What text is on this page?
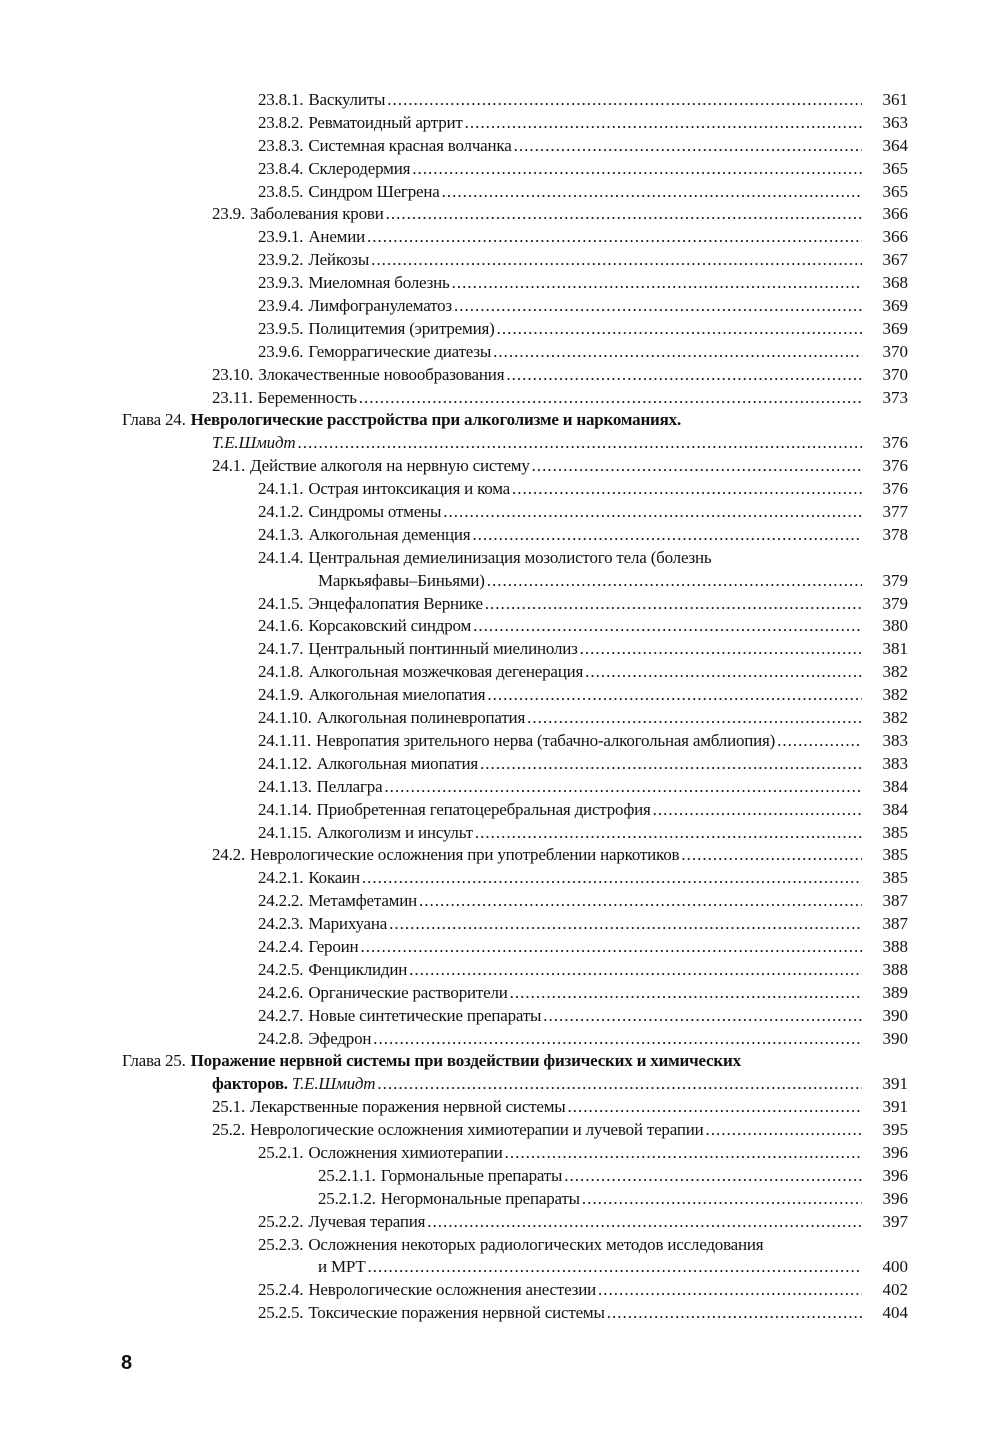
23.8.1. Васкулиты .....	361
23.8.2. Ревматоидный артрит .....	363
23.8.3. Системная красная волчанка .....	364
23.8.4. Склеродермия .....	365
23.8.5. Синдром Шегрена .....	365
23.9. Заболевания крови .....	366
23.9.1. Анемии .....	366
23.9.2. Лейкозы .....	367
23.9.3. Миеломная болезнь .....	368
23.9.4. Лимфогранулематоз .....	369
23.9.5. Полицитемия (эритремия) .....	369
23.9.6. Геморрагические диатезы .....	370
23.10. Злокачественные новообразования .....	370
23.11. Беременность .....	373
Глава 24. Неврологические расстройства при алкоголизме и наркоманиях.
Т.Е.Шмидт .....	376
24.1. Действие алкоголя на нервную систему .....	376
24.1.1. Острая интоксикация и кома .....	376
24.1.2. Синдромы отмены .....	377
24.1.3. Алкогольная деменция .....	378
24.1.4. Центральная демиелинизация мозолистого тела (болезнь
Маркьяфавы–Биньями) .....	379
24.1.5. Энцефалопатия Вернике .....	379
24.1.6. Корсаковский синдром .....	380
24.1.7. Центральный понтинный миелинолиз .....	381
24.1.8. Алкогольная мозжечковая дегенерация .....	382
24.1.9. Алкогольная миелопатия .....	382
24.1.10. Алкогольная полиневропатия .....	382
24.1.11. Невропатия зрительного нерва (табачно-алкогольная амблиопия) .....	383
24.1.12. Алкогольная миопатия .....	383
24.1.13. Пеллагра .....	384
24.1.14. Приобретенная гепатоцеребральная дистрофия .....	384
24.1.15. Алкоголизм и инсульт .....	385
24.2. Неврологические осложнения при употреблении наркотиков .....	385
24.2.1. Кокаин .....	385
24.2.2. Метамфетамин .....	387
24.2.3. Марихуана .....	387
24.2.4. Героин .....	388
24.2.5. Фенциклидин .....	388
24.2.6. Органические растворители .....	389
24.2.7. Новые синтетические препараты .....	390
24.2.8. Эфедрон .....	390
Глава 25. Поражение нервной системы при воздействии физических и химических
факторов. Т.Е.Шмидт .....	391
25.1. Лекарственные поражения нервной системы .....	391
25.2. Неврологические осложнения химиотерапии и лучевой терапии .....	395
25.2.1. Осложнения химиотерапии .....	396
25.2.1.1. Гормональные препараты .....	396
25.2.1.2. Негормональные препараты .....	396
25.2.2. Лучевая терапия .....	397
25.2.3. Осложнения некоторых радиологических методов исследования
и МРТ .....	400
25.2.4. Неврологические осложнения анестезии .....	402
25.2.5. Токсические поражения нервной системы .....	404
8
